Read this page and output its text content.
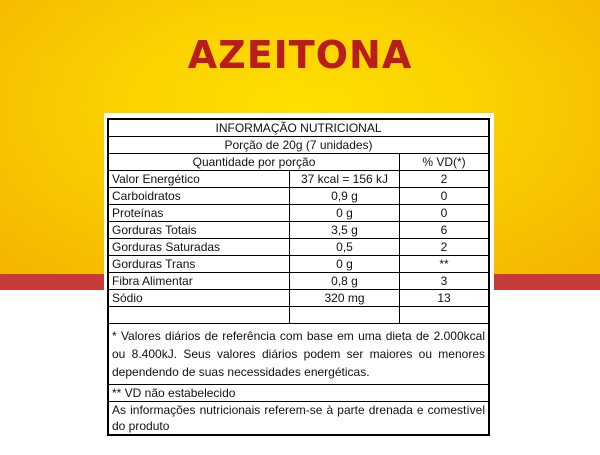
AZEITONA
INFORMAÇÃO NUTRICIONAL
Porção de 20g (7 unidades)
Quantidade por porção	% VD(*)
Valor Energético	37 kcal = 156 kJ	2
Carboidratos	0,9 g	0
Proteínas	0 g	0
Gorduras Totais	3,5 g	6
Gorduras Saturadas	0,5	2
Gorduras Trans	0 g	**
Fibra Alimentar	0,8 g	3
Sódio	320 mg	13
* Valores diários de referência com base em uma dieta de 2.000kcal ou 8.400kJ. Seus valores diários podem ser maiores ou menores dependendo de suas necessidades energéticas.
** VD não estabelecido
As informações nutricionais referem-se à parte drenada e comestível do produto
